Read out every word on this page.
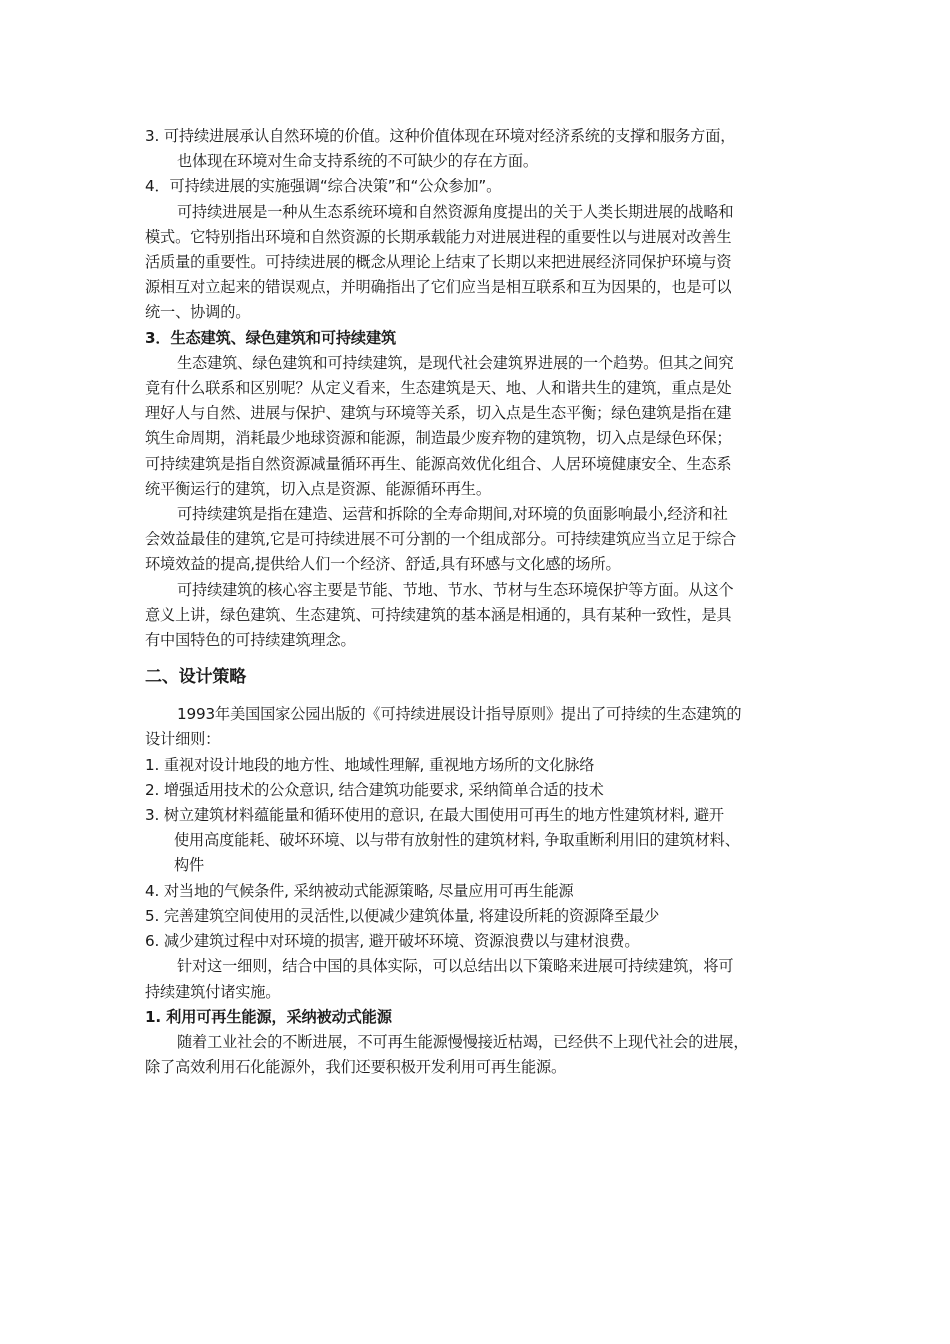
3. 可持续进展承认自然环境的价值。这种价值体现在环境对经济系统的支撑和服务方面，

也体现在环境对生命支持系统的不可缺少的存在方面。

4．可持续进展的实施强调“综合决策”和“公众参加”。

可持续进展是一种从生态系统环境和自然资源角度提出的关于人类长期进展的战略和

模式。它特别指出环境和自然资源的长期承载能力对进展进程的重要性以与进展对改善生

活质量的重要性。可持续进展的概念从理论上结束了长期以来把进展经济同保护环境与资

源相互对立起来的错误观点，并明确指出了它们应当是相互联系和互为因果的，也是可以

统一、协调的。

3．生态建筑、绿色建筑和可持续建筑

生态建筑、绿色建筑和可持续建筑，是现代社会建筑界进展的一个趋势。但其之间究

竟有什么联系和区别呢？从定义看来，生态建筑是天、地、人和谐共生的建筑，重点是处

理好人与自然、进展与保护、建筑与环境等关系，切入点是生态平衡；绿色建筑是指在建

筑生命周期，消耗最少地球资源和能源，制造最少废弃物的建筑物，切入点是绿色环保；

可持续建筑是指自然资源减量循环再生、能源高效优化组合、人居环境健康安全、生态系

统平衡运行的建筑，切入点是资源、能源循环再生。

可持续建筑是指在建造、运营和拆除的全寿命期间,对环境的负面影响最小,经济和社

会效益最佳的建筑,它是可持续进展不可分割的一个组成部分。可持续建筑应当立足于综合

环境效益的提高,提供给人们一个经济、舒适,具有环感与文化感的场所。

可持续建筑的核心容主要是节能、节地、节水、节材与生态环境保护等方面。从这个

意义上讲，绿色建筑、生态建筑、可持续建筑的基本涵是相通的，具有某种一致性，是具

有中国特色的可持续建筑理念。

二、设计策略

1993年美国国家公园出版的《可持续进展设计指导原则》提出了可持续的生态建筑的

设计细则：

1. 重视对设计地段的地方性、地域性理解, 重视地方场所的文化脉络

2. 增强适用技术的公众意识, 结合建筑功能要求, 采纳简单合适的技术

3. 树立建筑材料蕴能量和循环使用的意识, 在最大围使用可再生的地方性建筑材料, 避开

使用高度能耗、破坏环境、以与带有放射性的建筑材料, 争取重断利用旧的建筑材料、

构件

4. 对当地的气候条件, 采纳被动式能源策略, 尽量应用可再生能源

5. 完善建筑空间使用的灵活性,以便减少建筑体量, 将建设所耗的资源降至最少

6. 减少建筑过程中对环境的损害, 避开破坏环境、资源浪费以与建材浪费。

针对这一细则，结合中国的具体实际，可以总结出以下策略来进展可持续建筑，将可

持续建筑付诸实施。

1. 利用可再生能源，采纳被动式能源

随着工业社会的不断进展，不可再生能源慢慢接近枯竭，已经供不上现代社会的进展，

除了高效利用石化能源外，我们还要积极开发利用可再生能源。
